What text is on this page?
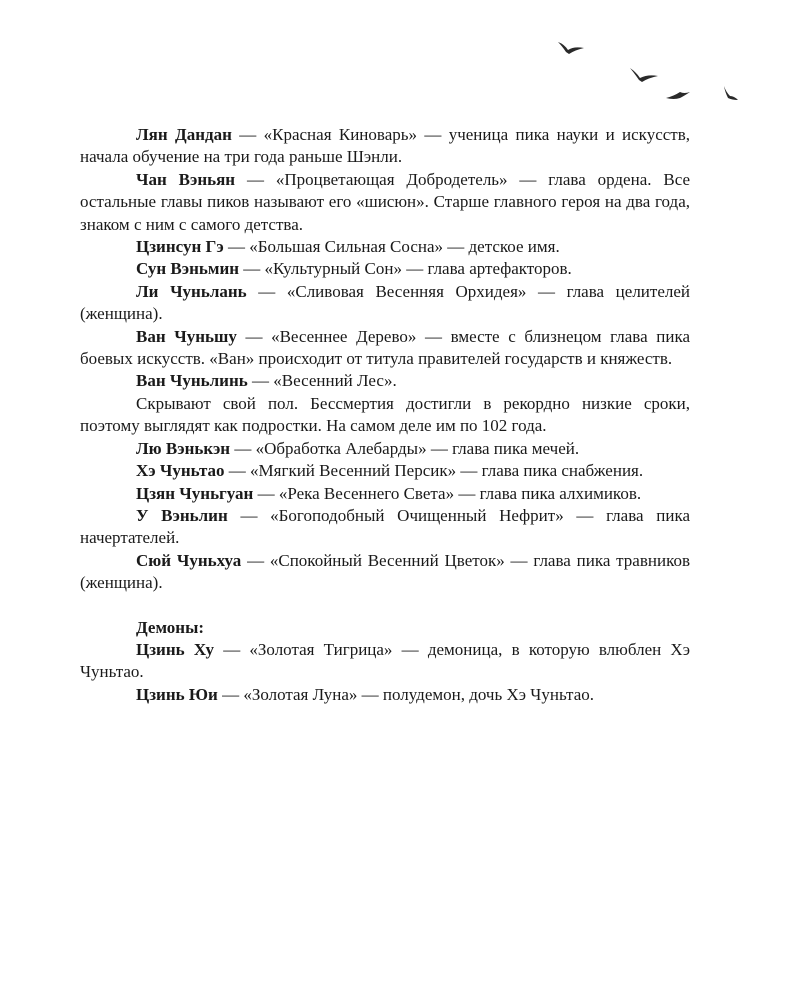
Лян Дандан — «Красная Киноварь» — ученица пика науки и искусств, начала обучение на три года раньше Шэнли.

Чан Вэньян — «Процветающая Добродетель» — глава ордена. Все остальные главы пиков называют его «шисюн». Старше главного героя на два года, знаком с ним с самого детства.

Цзинсун Гэ — «Большая Сильная Сосна» — детское имя.

Сун Вэньмин — «Культурный Сон» — глава артефакторов.

Ли Чуньлань — «Сливовая Весенняя Орхидея» — глава целителей (женщина).

Ван Чуньшу — «Весеннее Дерево» — вместе с близнецом глава пика боевых искусств. «Ван» происходит от титула правителей государств и княжеств.

Ван Чуньлинь — «Весенний Лес».

Скрывают свой пол. Бессмертия достигли в рекордно низкие сроки, поэтому выглядят как подростки. На самом деле им по 102 года.

Лю Вэнькэн — «Обработка Алебарды» — глава пика мечей.

Хэ Чуньтао — «Мягкий Весенний Персик» — глава пика снабжения.

Цзян Чуньгуан — «Река Весеннего Света» — глава пика алхимиков.

У Вэньлин — «Богоподобный Очищенный Нефрит» — глава пика начертателей.

Сюй Чуньхуа — «Спокойный Весенний Цветок» — глава пика травников (женщина).

Демоны:

Цзинь Ху — «Золотая Тигрица» — демоница, в которую влюблен Хэ Чуньтао.

Цзинь Юи — «Золотая Луна» — полудемон, дочь Хэ Чуньтао.
